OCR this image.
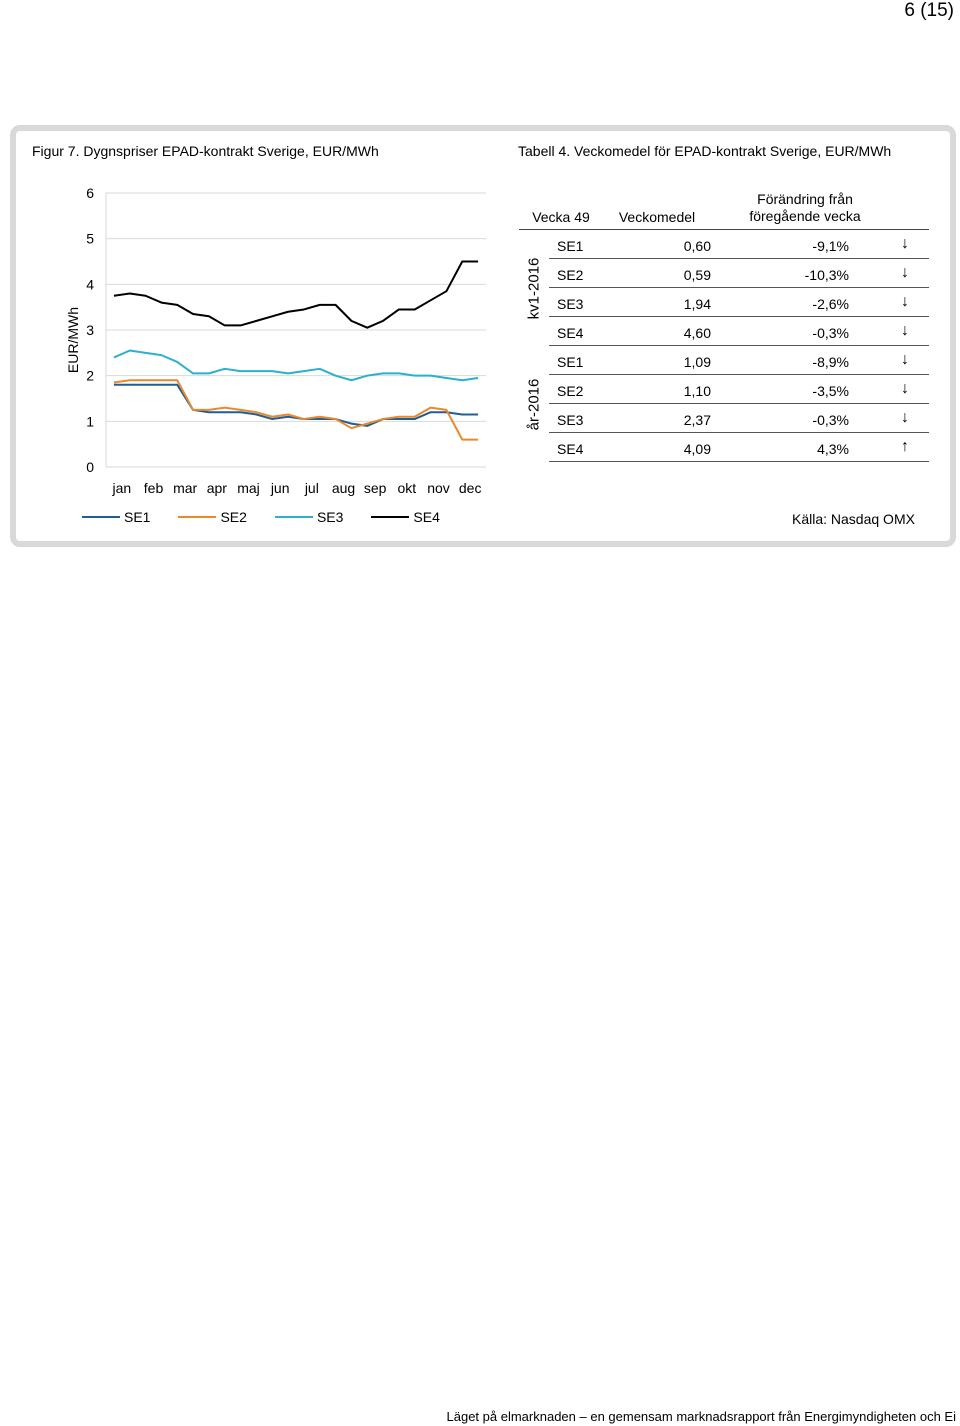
6 (15)
Figur 7. Dygnspriser EPAD-kontrakt Sverige, EUR/MWh	Tabell 4. Veckomedel för EPAD-kontrakt Sverige, EUR/MWh
0
1
2
3
4
5
6
EUR/MWh
jan feb mar apr maj jun jul aug sep okt nov dec
SE1	SE2	SE3	SE4
Vecka 49	Veckomedel
Förändring från föregående vecka
kv1-2016
SE1	0,60	-9,1%	↓
SE2	0,59	-10,3%	↓
SE3	1,94	-2,6%	↓
SE4	4,60	-0,3%	↓
år-2016
SE1	1,09	-8,9%	↓
SE2	1,10	-3,5%	↓
SE3	2,37	-0,3%	↓
SE4	4,09	4,3%	↑
Källa: Nasdaq OMX
Läget på elmarknaden – en gemensam marknadsrapport från Energimyndigheten och Ei
